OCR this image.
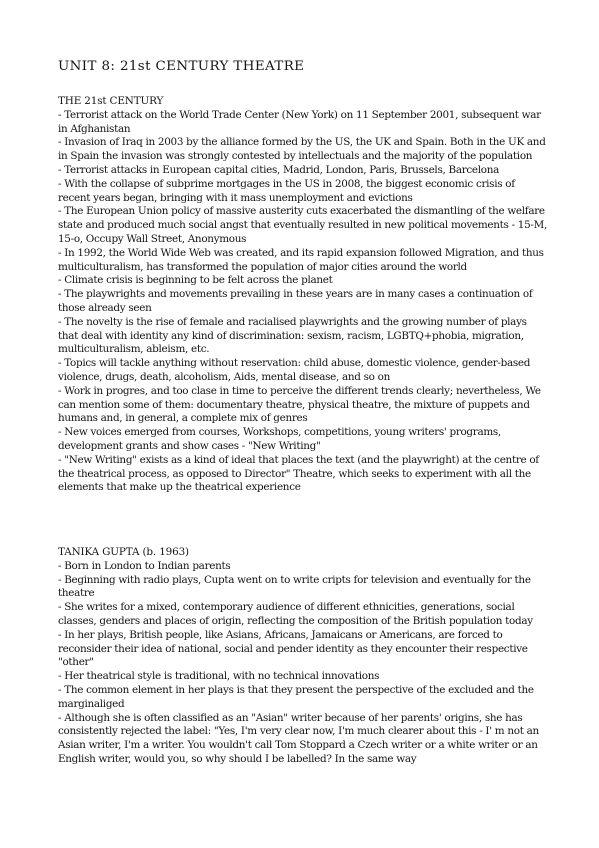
UNIT 8: 21st CENTURY THEATRE
THE 21st CENTURY
- Terrorist attack on the World Trade Center (New York) on 11 September 2001, subsequent war in Afghanistan
- Invasion of Iraq in 2003 by the alliance formed by the US, the UK and Spain. Both in the UK and in Spain the invasion was strongly contested by intellectuals and the majority of the population
- Terrorist attacks in European capital cities, Madrid, London, Paris, Brussels, Barcelona
- With the collapse of subprime mortgages in the US in 2008, the biggest economic crisis of recent years began, bringing with it mass unemployment and evictions
- The European Union policy of massive austerity cuts exacerbated the dismantling of the welfare state and produced much social angst that eventually resulted in new political movements - 15-M, 15-o, Occupy Wall Street, Anonymous
- In 1992, the World Wide Web was created, and its rapid expansion followed Migration, and thus multiculturalism, has transformed the population of major cities around the world
- Climate crisis is beginning to be felt across the planet
- The playwrights and movements prevailing in these years are in many cases a continuation of those already seen
- The novelty is the rise of female and racialised playwrights and the growing number of plays that deal with identity any kind of discrimination: sexism, racism, LGBTQ+phobia, migration, multiculturalism, ableism, etc.
- Topics will tackle anything without reservation: child abuse, domestic violence, gender-based violence, drugs, death, alcoholism, Aids, mental disease, and so on
- Work in progres, and too clase in time to perceive the different trends clearly; nevertheless, We can mention some of them: documentary theatre, physical theatre, the mixture of puppets and humans and, in general, a complete mix of genres
- New voices emerged from courses, Workshops, competitions, young writers' programs, development grants and show cases - "New Writing"
- "New Writing" exists as a kind of ideal that places the text (and the playwright) at the centre of the theatrical process, as opposed to Director" Theatre, which seeks to experiment with all the elements that make up the theatrical experience
TANIKA GUPTA (b. 1963)
- Born in London to Indian parents
- Beginning with radio plays, Cupta went on to write cripts for television and eventually for the theatre
- She writes for a mixed, contemporary audience of different ethnicities, generations, social classes, genders and places of origin, reflecting the composition of the British population today
- In her plays, British people, like Asians, Africans, Jamaicans or Americans, are forced to reconsider their idea of national, social and pender identity as they encounter their respective "other"
- Her theatrical style is traditional, with no technical innovations
- The common element in her plays is that they present the perspective of the excluded and the marginaliged
- Although she is often classified as an "Asian" writer because of her parents' origins, she has consistently rejected the label: "Yes, I'm very clear now, I'm much clearer about this - I' m not an Asian writer, I'm a writer. You wouldn't call Tom Stoppard a Czech writer or a white writer or an English writer, would you, so why should I be labelled? In the same way
